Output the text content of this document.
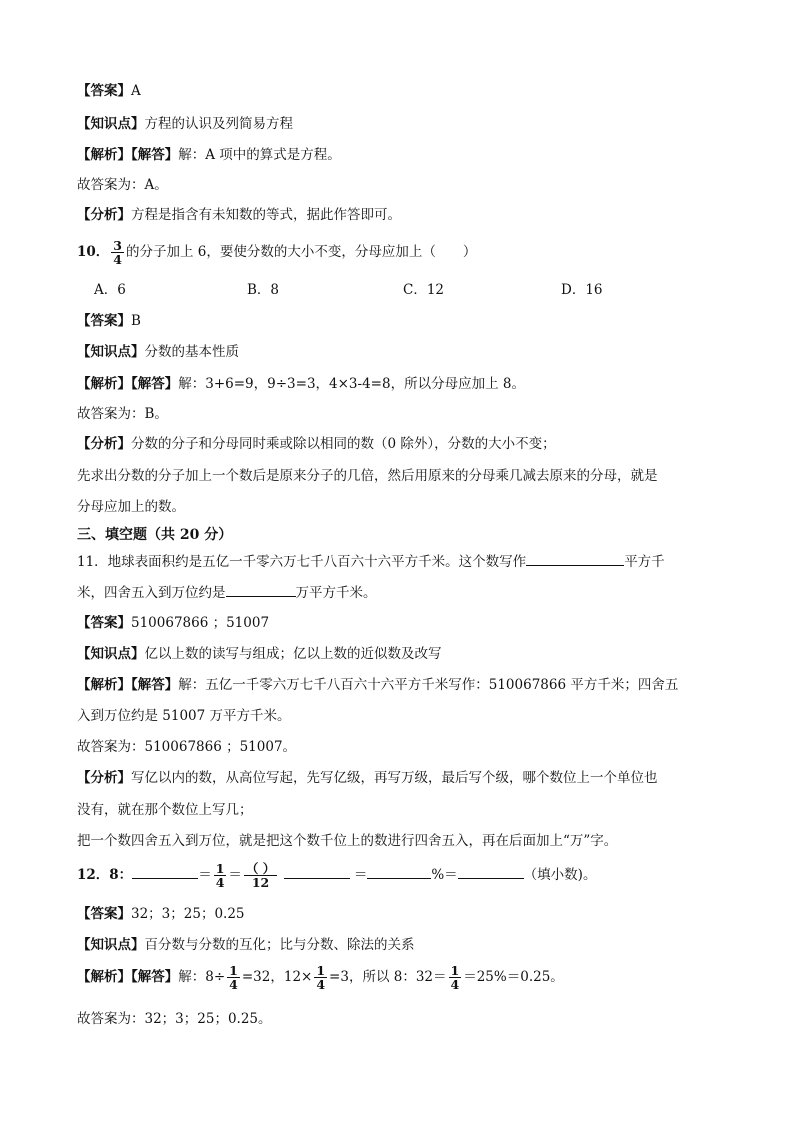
【答案】A
【知识点】方程的认识及列简易方程
【解析】【解答】解：A 项中的算式是方程。
故答案为：A。
【分析】方程是指含有未知数的等式，据此作答即可。
10． $\frac{3}{4}$ 的分子加上 6，要使分数的大小不变，分母应加上（　　）
A．6	B．8	C．12	D．16
【答案】B
【知识点】分数的基本性质
【解析】【解答】解：3+6=9，9÷3=3，4×3-4=8，所以分母应加上 8。
故答案为：B。
【分析】分数的分子和分母同时乘或除以相同的数（0 除外），分数的大小不变；
先求出分数的分子加上一个数后是原来分子的几倍，然后用原来的分母乘几减去原来的分母，就是
分母应加上的数。
三、填空题（共 20 分）
11．地球表面积约是五亿一千零六万七千八百六十六平方千米。这个数写作	平方千
米，四舍五入到万位约是	万平方千米。
【答案】510067866 ；51007
【知识点】亿以上数的读写与组成；亿以上数的近似数及改写
【解析】【解答】解：五亿一千零六万七千八百六十六平方千米写作：510067866 平方千米；四舍五
入到万位约是 51007 万平方千米。
故答案为：510067866 ；51007。
【分析】写亿以内的数，从高位写起，先写亿级，再写万级，最后写个级，哪个数位上一个单位也
没有，就在那个数位上写几；
把一个数四舍五入到万位，就是把这个数千位上的数进行四舍五入，再在后面加上“万”字。
12．8：	＝ $\frac{1}{4} = \frac{( )}{12}$	＝	%＝	（填小数)。
【答案】32；3；25；0.25
【知识点】百分数与分数的互化；比与分数、除法的关系
【解析】【解答】解：$8\div \frac{1}{4} =32$，$12\times \frac{1}{4} =3$，所以 8：$32= \frac{1}{4} =25\%=0.25$。
故答案为：32；3；25；0.25。
